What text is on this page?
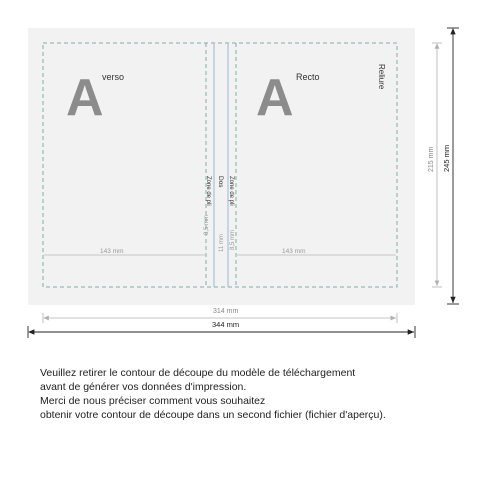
A
verso	A Recto	Reliure
Zone de pli Dos Zone de pli
143 mm	143 mm
8,5 mm
11 mm 8,5 mm
314 mm
344 mm
215 mm 245 mm
Veuillez retirer le contour de découpe du modèle de téléchargement
avant de générer vos données d'impression.
Merci de nous préciser comment vous souhaitez
obtenir votre contour de découpe dans un second fichier (fichier d'aperçu).
